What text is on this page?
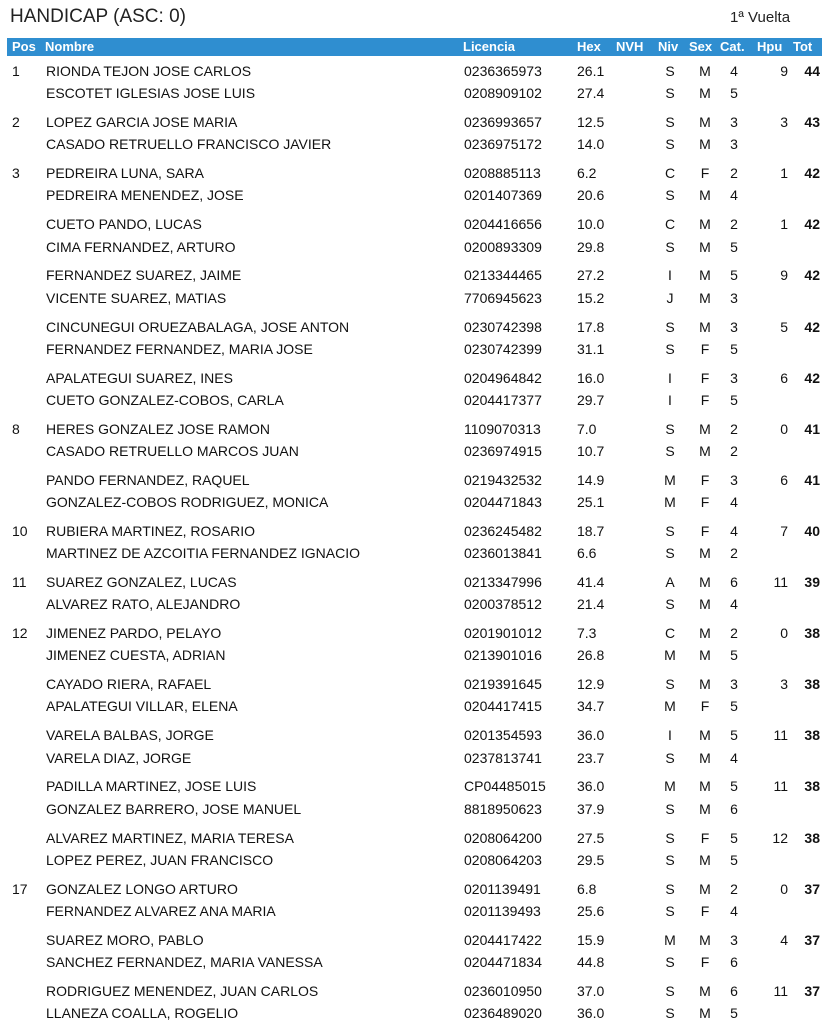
HANDICAP (ASC: 0)	1ª Vuelta
Pos Nombre	Licencia	Hex NVH Niv Sex Cat. Hpu Tot
1 RIONDA TEJON JOSE CARLOS	0236365973	26.1	S	M	4	9	44
ESCOTET IGLESIAS JOSE LUIS	0208909102	27.4	S	M	5
2 LOPEZ GARCIA JOSE MARIA	0236993657	12.5	S	M	3	3	43
CASADO RETRUELLO FRANCISCO JAVIER	0236975172	14.0	S	M	3
3 PEDREIRA LUNA, SARA	0208885113	6.2	C	F	2	1	42
PEDREIRA MENENDEZ, JOSE	0201407369	20.6	S	M	4
CUETO PANDO, LUCAS	0204416656	10.0	C	M	2	1	42
CIMA FERNANDEZ, ARTURO	0200893309	29.8	S	M	5
FERNANDEZ SUAREZ, JAIME	0213344465	27.2	I	M	5	9	42
VICENTE SUAREZ, MATIAS	7706945623	15.2	J	M	3
CINCUNEGUI ORUEZABALAGA, JOSE ANTON	0230742398	17.8	S	M	3	5	42
FERNANDEZ FERNANDEZ, MARIA JOSE	0230742399	31.1	S	F	5
APALATEGUI SUAREZ, INES	0204964842	16.0	I	F	3	6	42
CUETO GONZALEZ-COBOS, CARLA	0204417377	29.7	I	F	5
8 HERES GONZALEZ JOSE RAMON	1109070313	7.0	S	M	2	0	41
CASADO RETRUELLO MARCOS JUAN	0236974915	10.7	S	M	2
PANDO FERNANDEZ, RAQUEL	0219432532	14.9	M	F	3	6	41
GONZALEZ-COBOS RODRIGUEZ, MONICA	0204471843	25.1	M	F	4
10 RUBIERA MARTINEZ, ROSARIO	0236245482	18.7	S	F	4	7	40
MARTINEZ DE AZCOITIA FERNANDEZ IGNACIO	0236013841	6.6	S	M	2
11 SUAREZ GONZALEZ, LUCAS	0213347996	41.4	A	M	6	11	39
ALVAREZ RATO, ALEJANDRO	0200378512	21.4	S	M	4
12 JIMENEZ PARDO, PELAYO	0201901012	7.3	C	M	2	0	38
JIMENEZ CUESTA, ADRIAN	0213901016	26.8	M	M	5
CAYADO RIERA, RAFAEL	0219391645	12.9	S	M	3	3	38
APALATEGUI VILLAR, ELENA	0204417415	34.7	M	F	5
VARELA BALBAS, JORGE	0201354593	36.0	I	M	5	11	38
VARELA DIAZ, JORGE	0237813741	23.7	S	M	4
PADILLA MARTINEZ, JOSE LUIS	CP04485015 36.0	M	M	5	11	38
GONZALEZ BARRERO, JOSE MANUEL	8818950623	37.9	S	M	6
ALVAREZ MARTINEZ, MARIA TERESA	0208064200	27.5	S	F	5	12	38
LOPEZ PEREZ, JUAN FRANCISCO	0208064203	29.5	S	M	5
17 GONZALEZ LONGO ARTURO	0201139491	6.8	S	M	2	0	37
FERNANDEZ ALVAREZ ANA MARIA	0201139493	25.6	S	F	4
SUAREZ MORO, PABLO	0204417422	15.9	M	M	3	4	37
SANCHEZ FERNANDEZ, MARIA VANESSA	0204471834	44.8	S	F	6
RODRIGUEZ MENENDEZ, JUAN CARLOS	0236010950	37.0	S	M	6	11	37
LLANEZA COALLA, ROGELIO	0236489020	36.0	S	M	5
